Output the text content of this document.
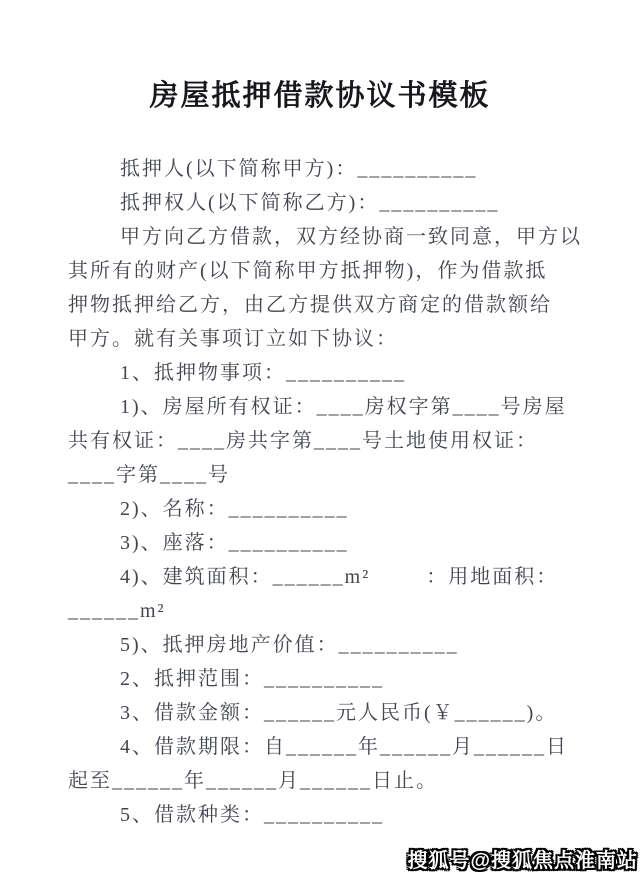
房屋抵押借款协议书模板
抵押人(以下简称甲方)：__________
抵押权人(以下简称乙方)：__________
甲方向乙方借款，双方经协商一致同意，甲方以
其所有的财产(以下简称甲方抵押物)，作为借款抵
押物抵押给乙方，由乙方提供双方商定的借款额给
甲方。就有关事项订立如下协议：
1、抵押物事项：__________
1)、房屋所有权证：____房权字第____号房屋
共有权证：____房共字第____号土地使用权证：
____字第____号
2)、名称：__________
3)、座落：__________
4)、建筑面积：______m²        ：用地面积：
______m²
5)、抵押房地产价值：__________
2、抵押范围：__________
3、借款金额：______元人民币(￥______)。
4、借款期限：自______年______月______日
起至______年______月______日止。
5、借款种类：__________
搜狐号@搜狐焦点淮南站
